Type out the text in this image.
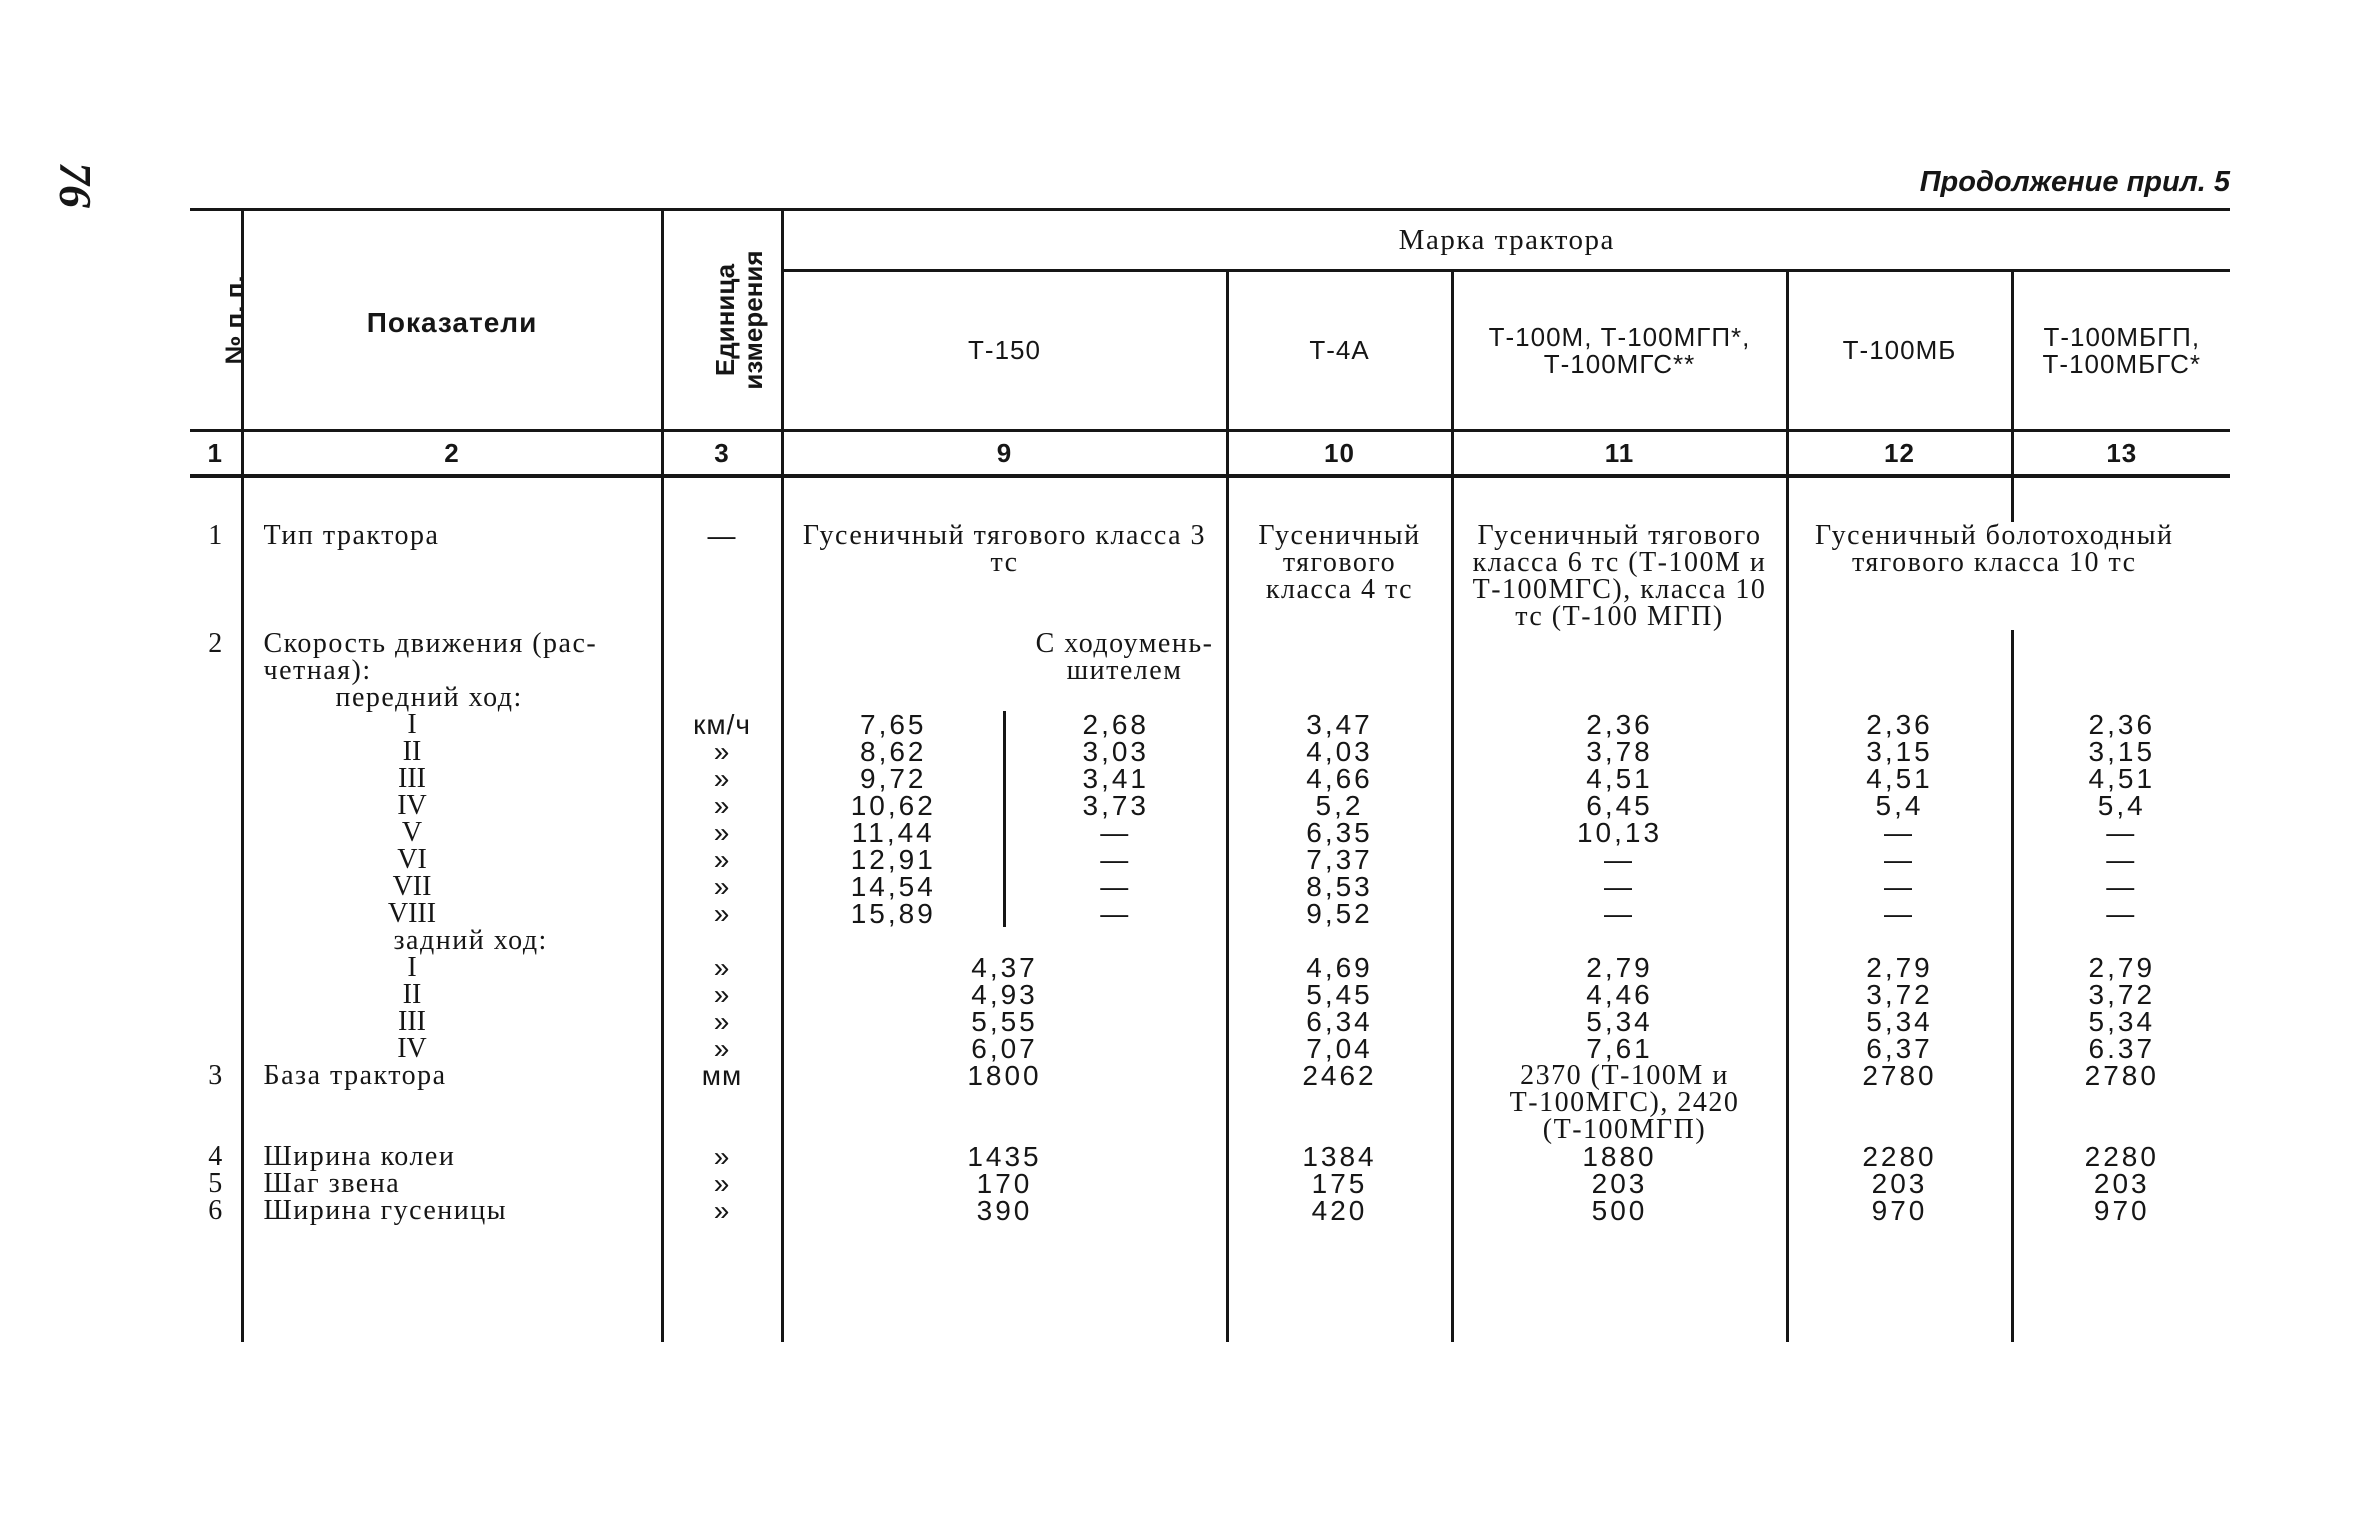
76	Продолжение прил. 5
№ п. п.	Показатели	Единица измерения	Марка трактора				
			Т-150	Т-4А	Т-100М, Т-100МГП*, Т-100МГС**	Т-100МБ	Т-100МБГП, Т-100МБГС*
1	2	3	9	10	11	12	13

1	Тип трактора	—	Гусеничный тягового класса 3 тс	Гусеничный тягового класса 4 тс	Гусеничный тягового класса 6 тс (Т-100М и Т-100МГС), класса 10 тс (Т-100 МГП)	Гусеничный болотоходный тягового класса 10 тс	
2	Скорость движения (рас-
четная):
передний ход:		С ходоумень-
шителем				

	I	км/ч	7,65 2,68	3,47	2,36	2,36	2,36
	II	»	8,62 3,03	4,03	3,78	3,15	3,15
	III	»	9,72 3,41	4,66	4,51	4,51	4,51
	IV	»	10,62 3,73	5,2	6,45	5,4	5,4
	V	»	11,44 —	6,35	10,13	—	—
	VI	»	12,91 —	7,37	—	—	—
	VII	»	14,54 —	8,53	—	—	—
	VIII	»	15,89 —	9,52	—	—	—
	задний ход:						
	I	»	4,37	4,69	2,79	2,79	2,79
	II	»	4,93	5,45	4,46	3,72	3,72
	III	»	5,55	6,34	5,34	5,34	5,34
	IV	»	6,07	7,04	7,61	6,37	6.37
3	База трактора	мм	1800	2462	2370 (Т-100М и Т-100МГС), 2420 (Т-100МГП)	2780	2780
4	Ширина колеи	»	1435	1384	1880	2280	2280
5	Шаг звена	»	170	175	203	203	203
6	Ширина гусеницы	»	390	420	500	970	970
